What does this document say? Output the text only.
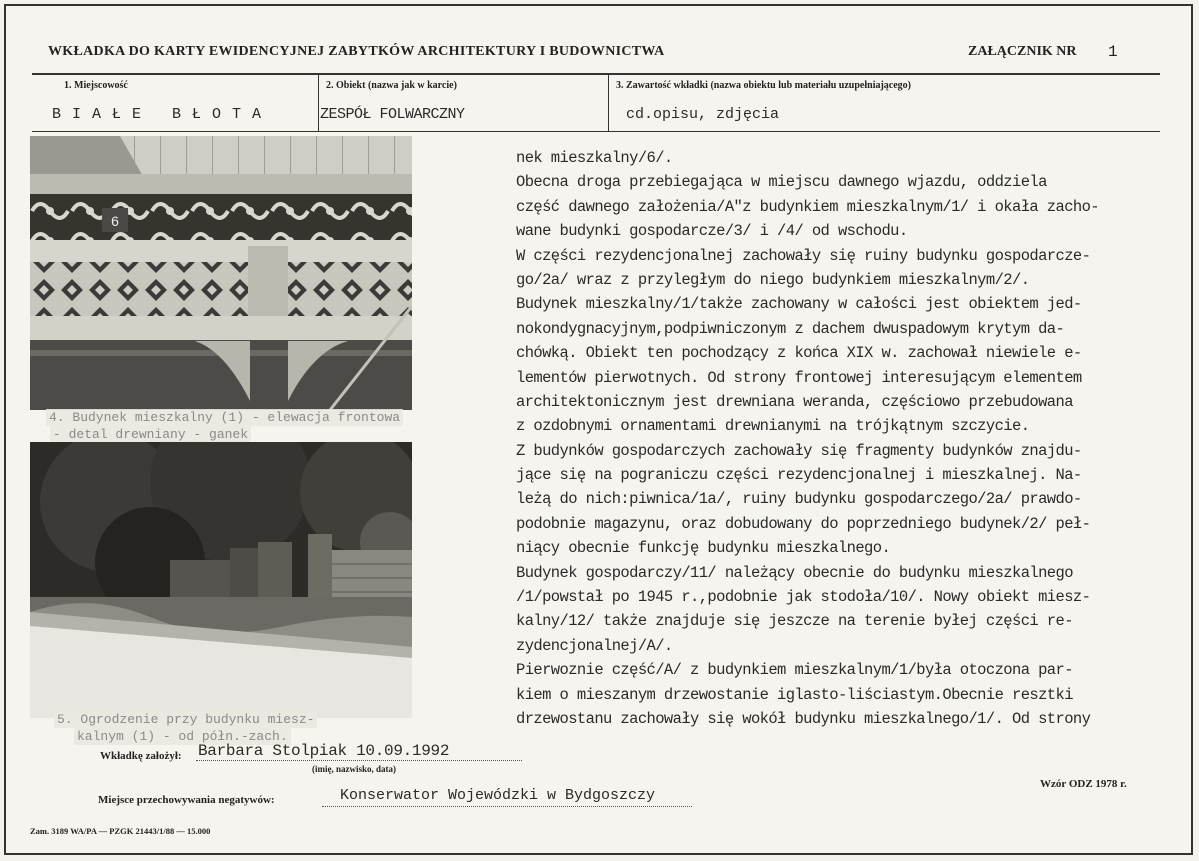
WKŁADKA DO KARTY EWIDENCYJNEJ ZABYTKÓW ARCHITEKTURY I BUDOWNICTWA	ZAŁĄCZNIK NR 1
1. Miejscowość
B I A Ł E   B Ł O T A
2. Obiekt (nazwa jak w karcie)
ZESPÓŁ FOLWARCZNY
3. Zawartość wkładki (nazwa obiektu lub materiału uzupełniającego)
cd.opisu, zdjęcia
6
4. Budynek mieszkalny (1) - elewacja frontowa
- detal drewniany - ganek
5. Ogrodzenie przy budynku miesz-
kalnym (1) - od półn.-zach.
nek mieszkalny/6/.
Obecna droga przebiegająca w miejscu dawnego wjazdu, oddziela
część dawnego założenia/A"z budynkiem mieszkalnym/1/ i okała zacho-
wane budynki gospodarcze/3/ i /4/ od wschodu.
W części rezydencjonalnej zachowały się ruiny budynku gospodarcze-
go/2a/ wraz z przyległym do niego budynkiem mieszkalnym/2/.
Budynek mieszkalny/1/także zachowany w całości jest obiektem jed-
nokondygnacyjnym,podpiwniczonym z dachem dwuspadowym krytym da-
chówką. Obiekt ten pochodzący z końca XIX w. zachował niewiele e-
lementów pierwotnych. Od strony frontowej interesującym elementem
architektonicznym jest drewniana weranda, częściowo przebudowana
z ozdobnymi ornamentami drewnianymi na trójkątnym szczycie.
Z budynków gospodarczych zachowały się fragmenty budynków znajdu-
jące się na pograniczu części rezydencjonalnej i mieszkalnej. Na-
leżą do nich:piwnica/1a/, ruiny budynku gospodarczego/2a/ prawdo-
podobnie magazynu, oraz dobudowany do poprzedniego budynek/2/ peł-
niący obecnie funkcję budynku mieszkalnego.
Budynek gospodarczy/11/ należący obecnie do budynku mieszkalnego
/1/powstał po 1945 r.,podobnie jak stodoła/10/. Nowy obiekt miesz-
kalny/12/ także znajduje się jeszcze na terenie byłej części re-
zydencjonalnej/A/.
Pierwoznie część/A/ z budynkiem mieszkalnym/1/była otoczona par-
kiem o mieszanym drzewostanie iglasto-liściastym.Obecnie resztki
drzewostanu zachowały się wokół budynku mieszkalnego/1/. Od strony
Wkładkę założył: Barbara Stolpiak 10.09.1992
(imię, nazwisko, data)
Wzór ODZ 1978 r.
Miejsce przechowywania negatywów:	Konserwator Wojewódzki w Bydgoszczy
Zam. 3189 WA/PA — PZGK 21443/1/88 — 15.000
